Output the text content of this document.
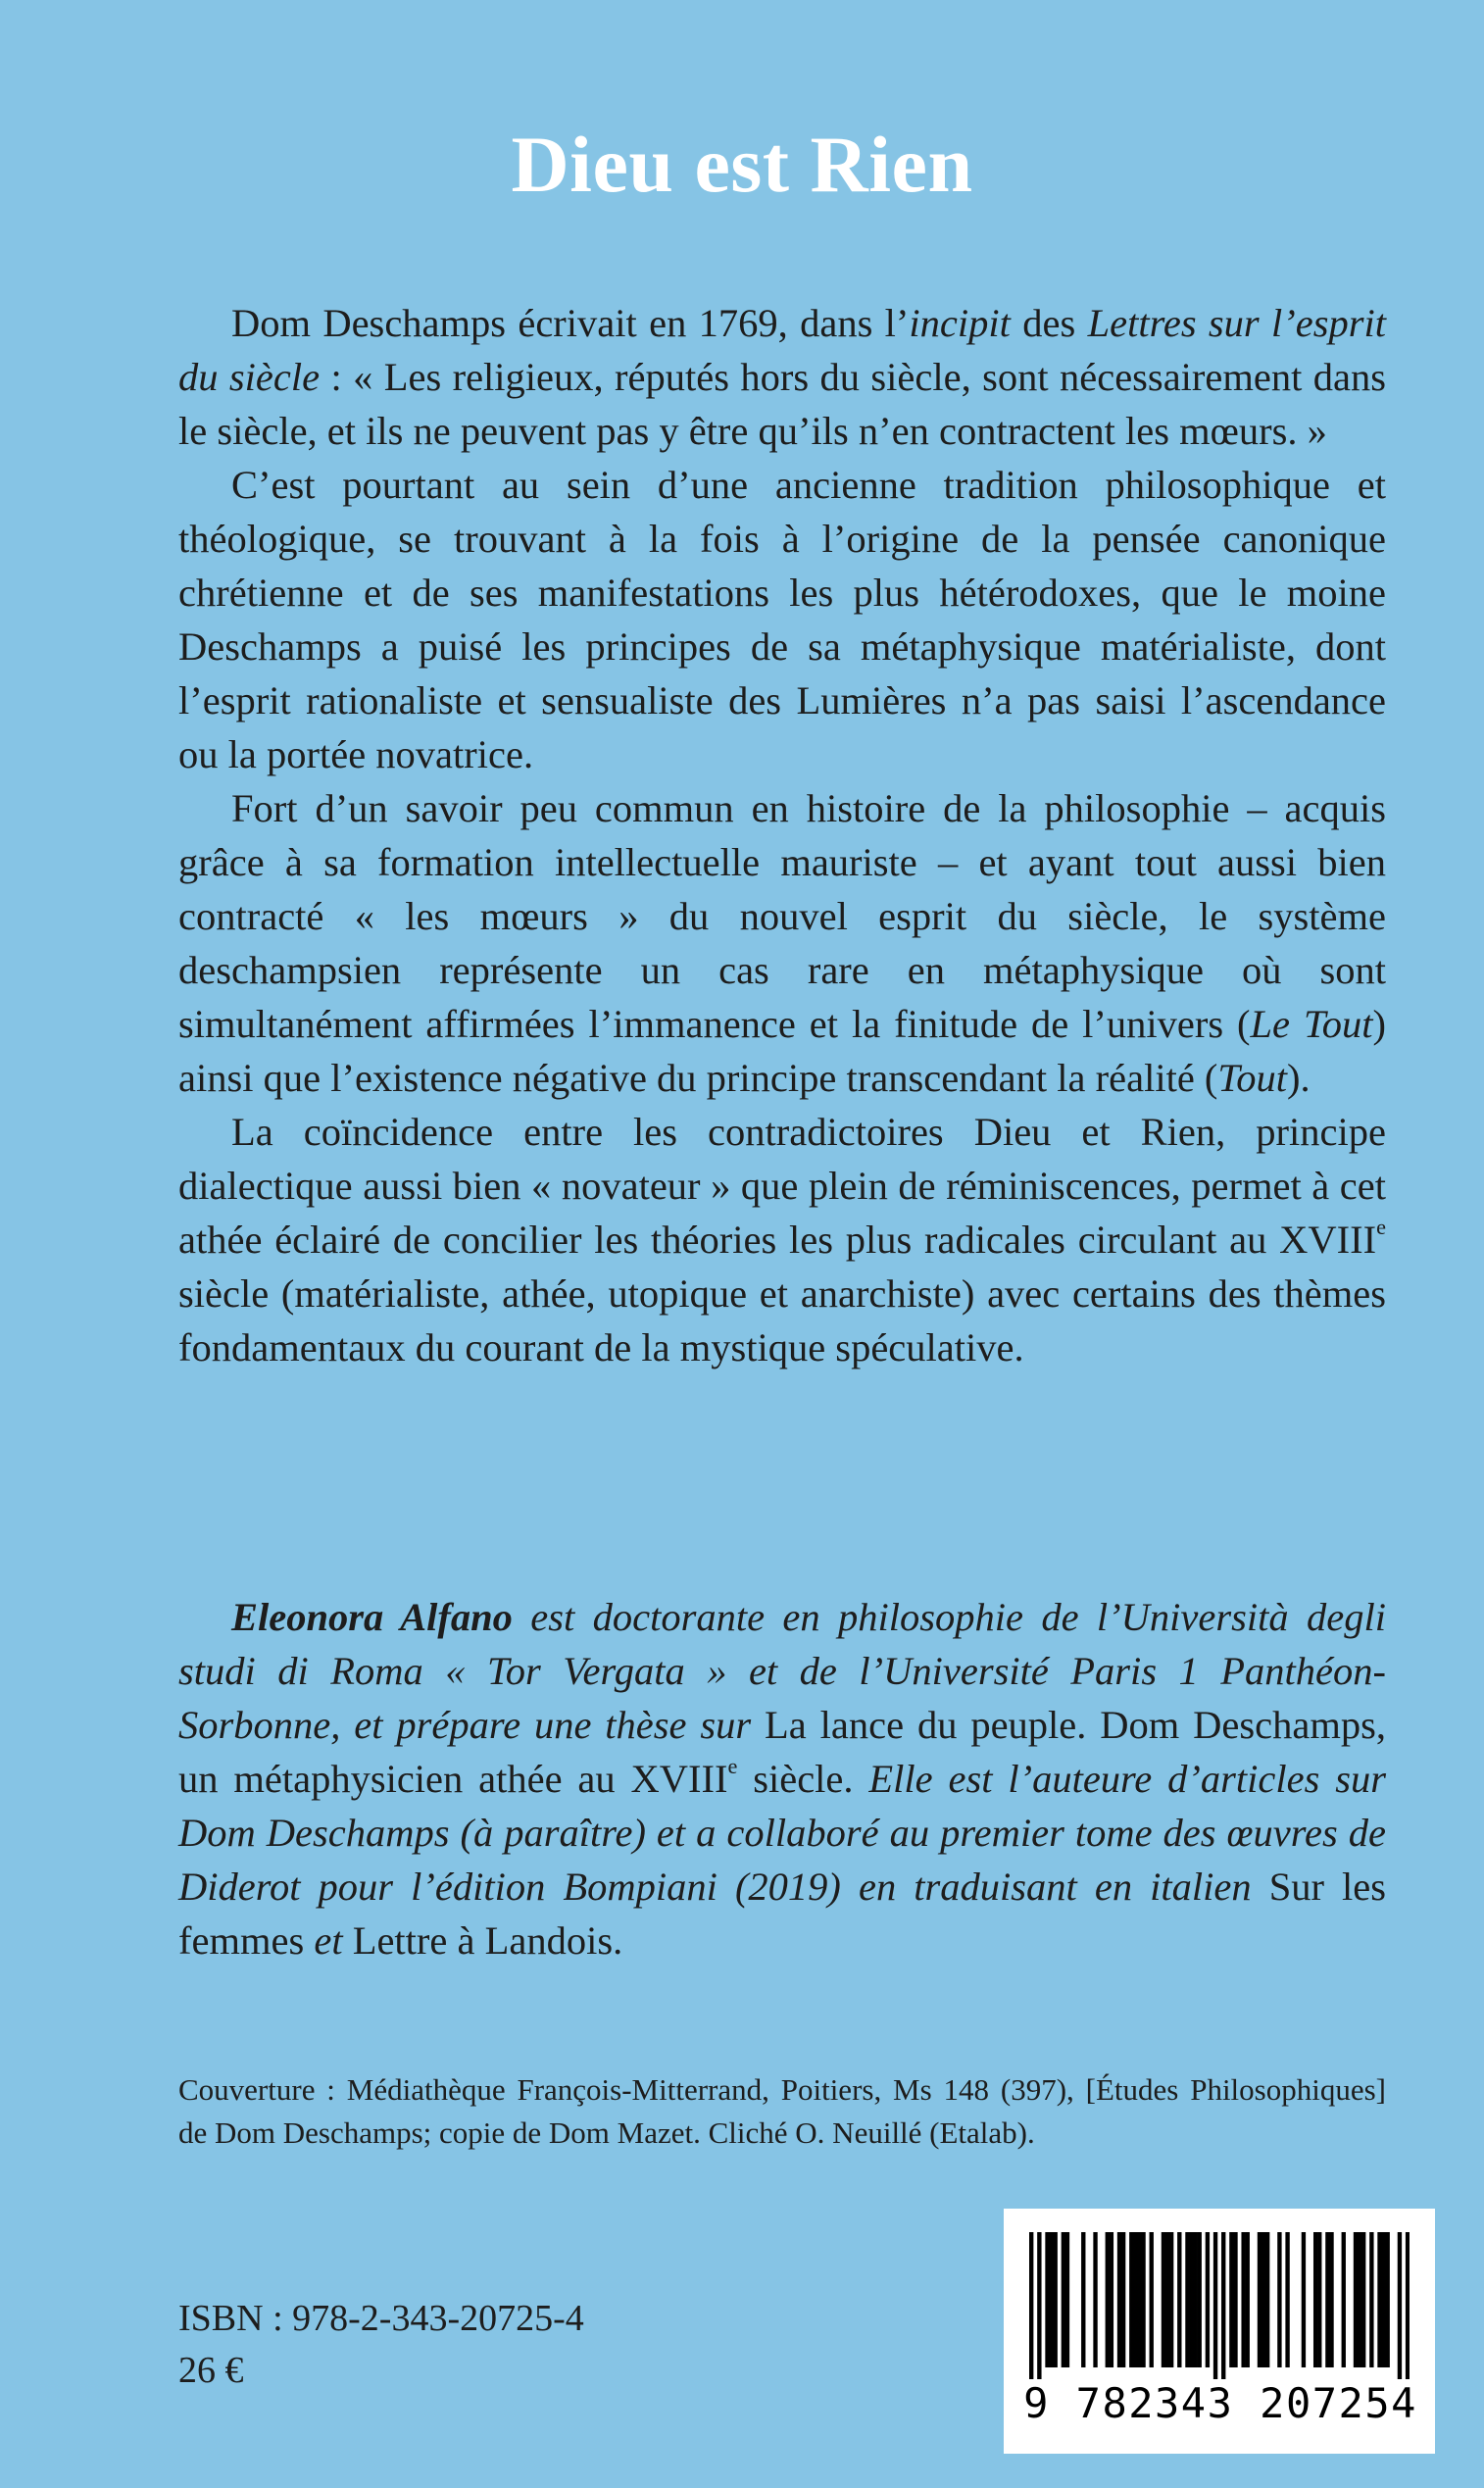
Dieu est Rien

Dom Deschamps écrivait en 1769, dans l’incipit des Lettres sur l’esprit du siècle : « Les religieux, réputés hors du siècle, sont nécessairement dans le siècle, et ils ne peuvent pas y être qu’ils n’en contractent les mœurs. »

C’est pourtant au sein d’une ancienne tradition philosophique et théologique, se trouvant à la fois à l’origine de la pensée canonique chrétienne et de ses manifestations les plus hétérodoxes, que le moine Deschamps a puisé les principes de sa métaphysique matérialiste, dont l’esprit rationaliste et sensualiste des Lumières n’a pas saisi l’ascendance ou la portée novatrice.

Fort d’un savoir peu commun en histoire de la philosophie – acquis grâce à sa formation intellectuelle mauriste – et ayant tout aussi bien contracté « les mœurs » du nouvel esprit du siècle, le système deschampsien représente un cas rare en métaphysique où sont simultanément affirmées l’immanence et la finitude de l’univers (Le Tout) ainsi que l’existence négative du principe transcendant la réalité (Tout).

La coïncidence entre les contradictoires Dieu et Rien, principe dialectique aussi bien « novateur » que plein de réminiscences, permet à cet athée éclairé de concilier les théories les plus radicales circulant au XVIIIe siècle (matérialiste, athée, utopique et anarchiste) avec certains des thèmes fondamentaux du courant de la mystique spéculative.

Eleonora Alfano est doctorante en philosophie de l’Università degli studi di Roma « Tor Vergata » et de l’Université Paris 1 Panthéon-Sorbonne, et prépare une thèse sur La lance du peuple. Dom Deschamps, un métaphysicien athée au XVIIIe siècle. Elle est l’auteure d’articles sur Dom Deschamps (à paraître) et a collaboré au premier tome des œuvres de Diderot pour l’édition Bompiani (2019) en traduisant en italien Sur les femmes et Lettre à Landois.

Couverture : Médiathèque François-Mitterrand, Poitiers, Ms 148 (397), [Études Philosophiques] de Dom Deschamps; copie de Dom Mazet. Cliché O. Neuillé (Etalab).

ISBN : 978-2-343-20725-4
26 €
9 782343 207254
